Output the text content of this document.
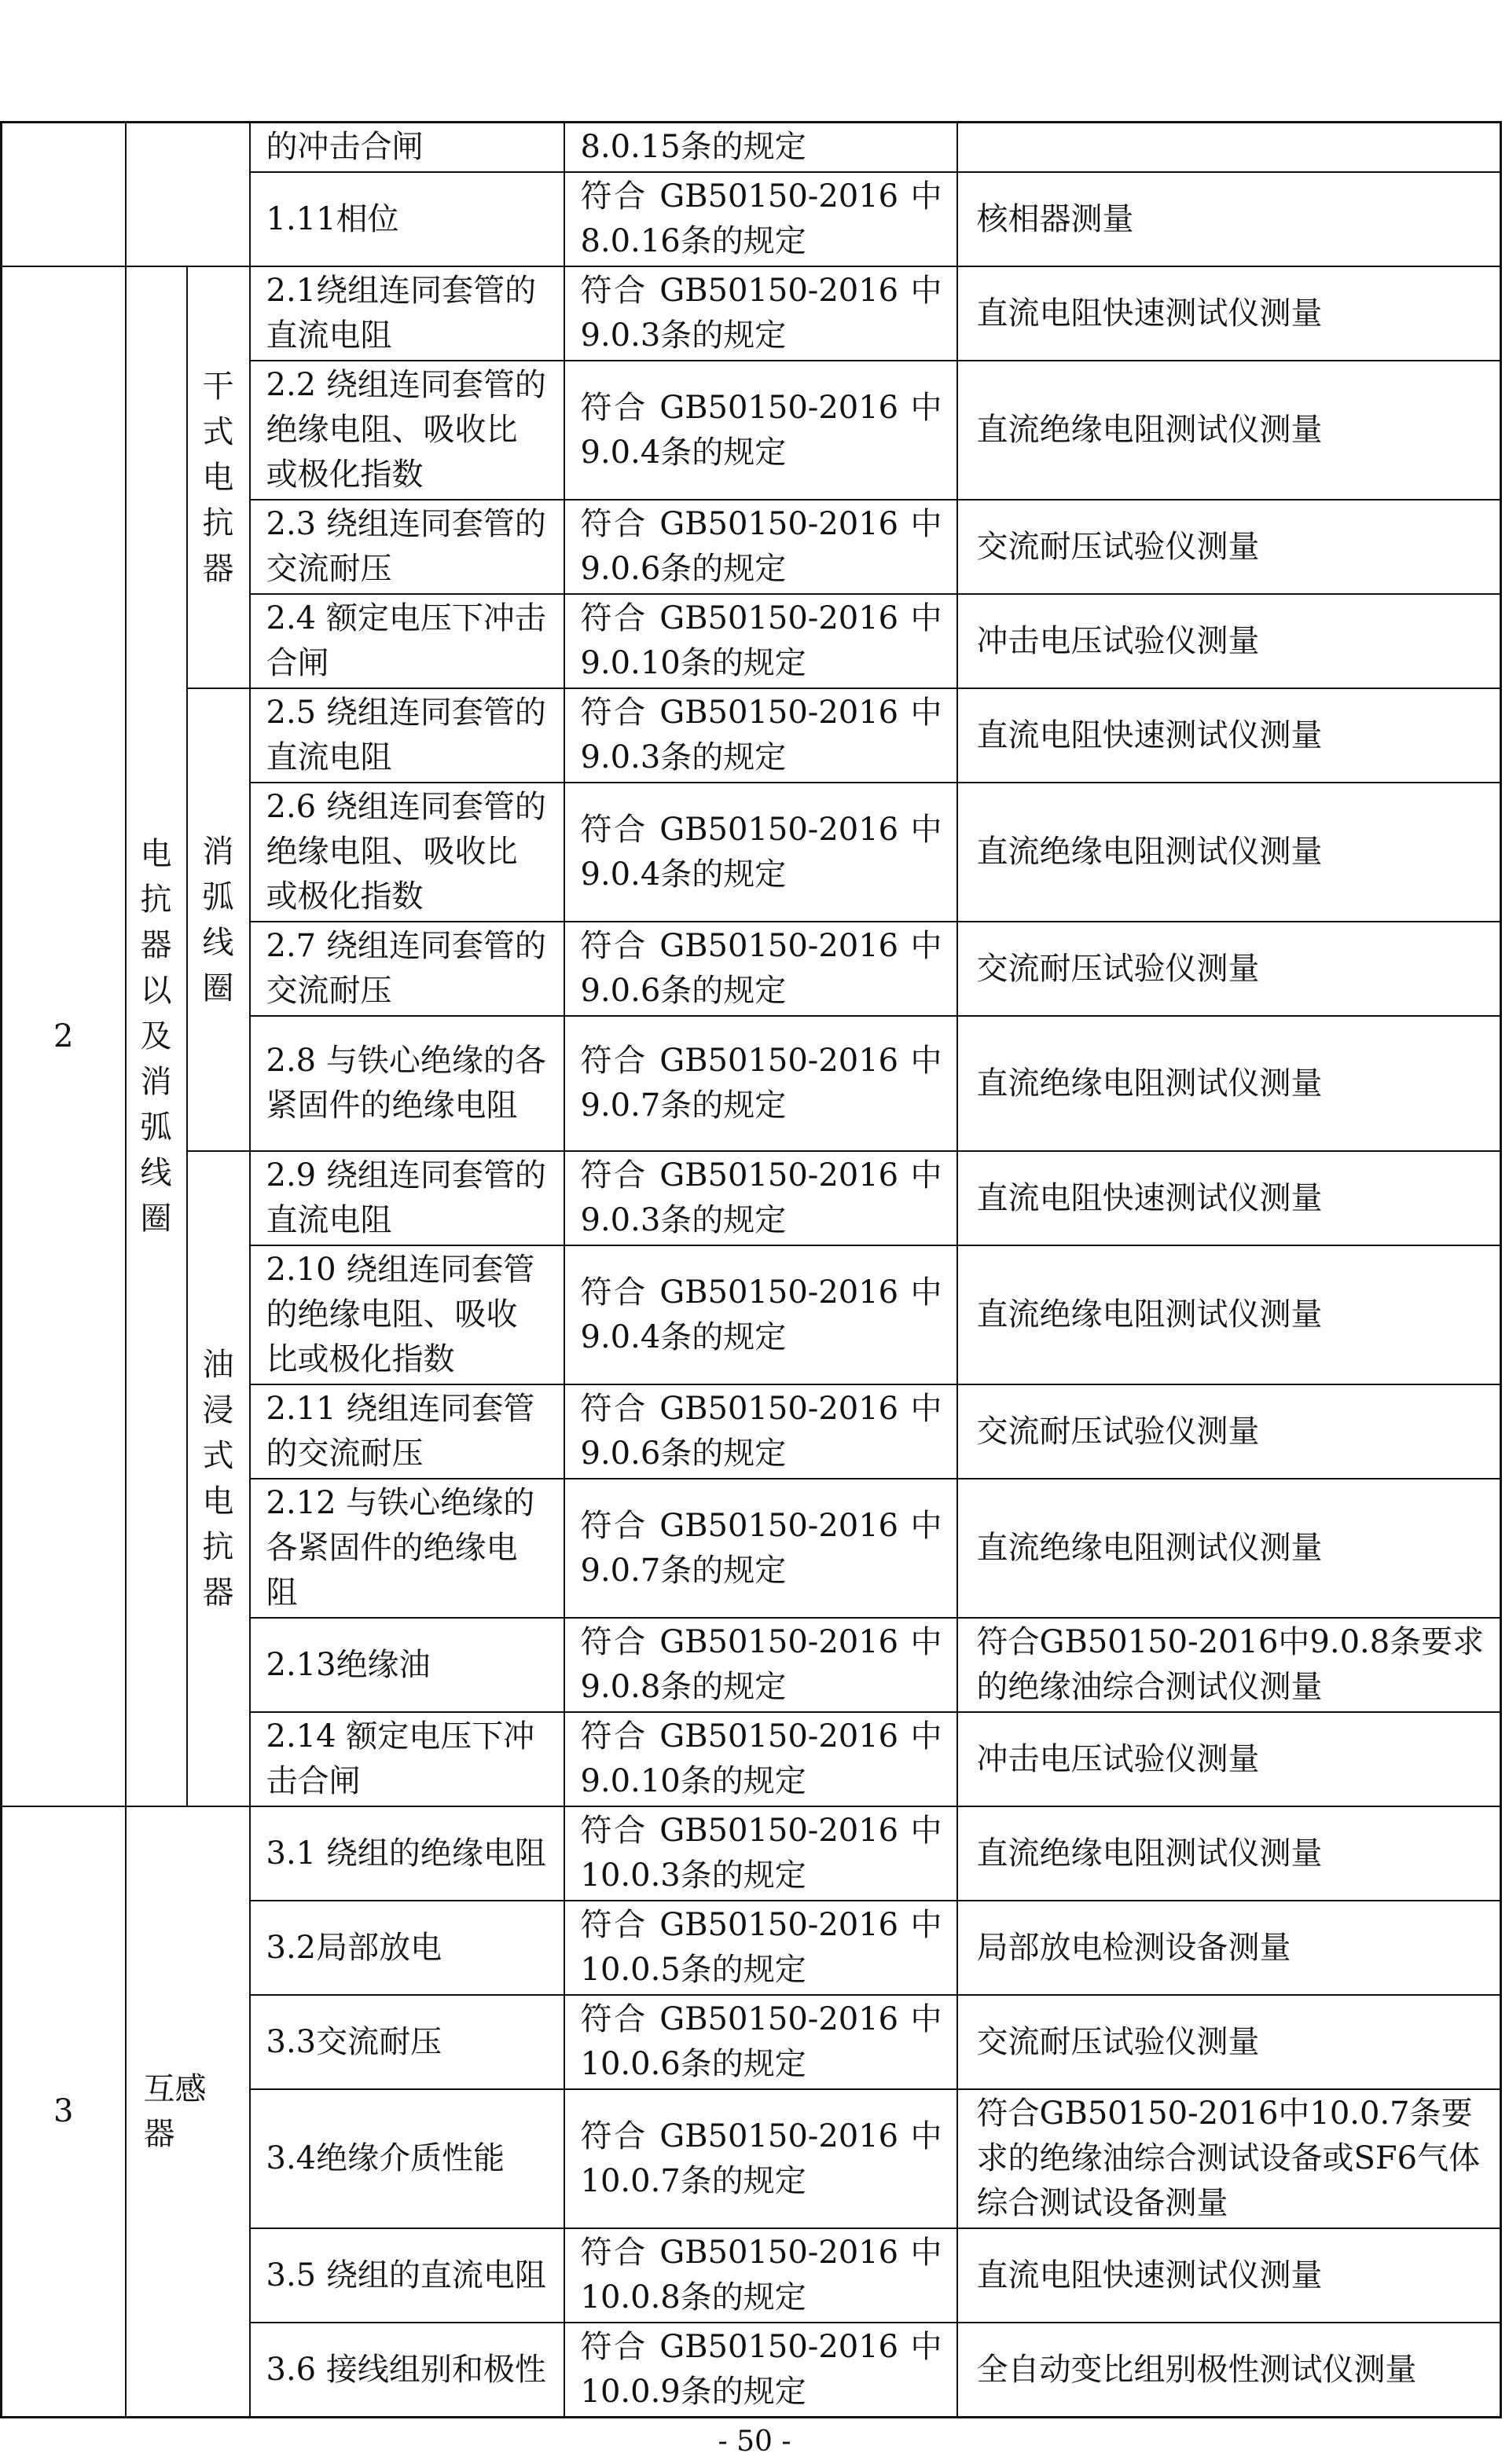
			的冲击合闸	8.0.15条的规定	
			1.11相位	符合 GB50150-2016 中 8.0.16条的规定	核相器测量
2	电抗器以及消弧线圈	干式电抗器	2.1绕组连同套管的直流电阻	符合 GB50150-2016 中 9.0.3条的规定	直流电阻快速测试仪测量
			2.2 绕组连同套管的绝缘电阻、吸收比或极化指数	符合 GB50150-2016 中 9.0.4条的规定	直流绝缘电阻测试仪测量
			2.3 绕组连同套管的交流耐压	符合 GB50150-2016 中 9.0.6条的规定	交流耐压试验仪测量
			2.4 额定电压下冲击合闸	符合 GB50150-2016 中 9.0.10条的规定	冲击电压试验仪测量
		消弧线圈	2.5 绕组连同套管的直流电阻	符合 GB50150-2016 中 9.0.3条的规定	直流电阻快速测试仪测量
			2.6 绕组连同套管的绝缘电阻、吸收比或极化指数	符合 GB50150-2016 中 9.0.4条的规定	直流绝缘电阻测试仪测量
			2.7 绕组连同套管的交流耐压	符合 GB50150-2016 中 9.0.6条的规定	交流耐压试验仪测量
			2.8 与铁心绝缘的各紧固件的绝缘电阻	符合 GB50150-2016 中 9.0.7条的规定	直流绝缘电阻测试仪测量
		油浸式电抗器	2.9 绕组连同套管的直流电阻	符合 GB50150-2016 中 9.0.3条的规定	直流电阻快速测试仪测量
			2.10 绕组连同套管的绝缘电阻、吸收比或极化指数	符合 GB50150-2016 中 9.0.4条的规定	直流绝缘电阻测试仪测量
			2.11 绕组连同套管的交流耐压	符合 GB50150-2016 中 9.0.6条的规定	交流耐压试验仪测量
			2.12 与铁心绝缘的各紧固件的绝缘电阻	符合 GB50150-2016 中 9.0.7条的规定	直流绝缘电阻测试仪测量
			2.13绝缘油	符合 GB50150-2016 中 9.0.8条的规定	符合GB50150-2016中9.0.8条要求的绝缘油综合测试仪测量
			2.14 额定电压下冲击合闸	符合 GB50150-2016 中 9.0.10条的规定	冲击电压试验仪测量
3	互感器		3.1 绕组的绝缘电阻	符合 GB50150-2016 中 10.0.3条的规定	直流绝缘电阻测试仪测量
			3.2局部放电	符合 GB50150-2016 中 10.0.5条的规定	局部放电检测设备测量
			3.3交流耐压	符合 GB50150-2016 中 10.0.6条的规定	交流耐压试验仪测量
			3.4绝缘介质性能	符合 GB50150-2016 中 10.0.7条的规定	符合GB50150-2016中10.0.7条要求的绝缘油综合测试设备或SF6气体综合测试设备测量
			3.5 绕组的直流电阻	符合 GB50150-2016 中 10.0.8条的规定	直流电阻快速测试仪测量
			3.6 接线组别和极性	符合 GB50150-2016 中 10.0.9条的规定	全自动变比组别极性测试仪测量
- 50 -
